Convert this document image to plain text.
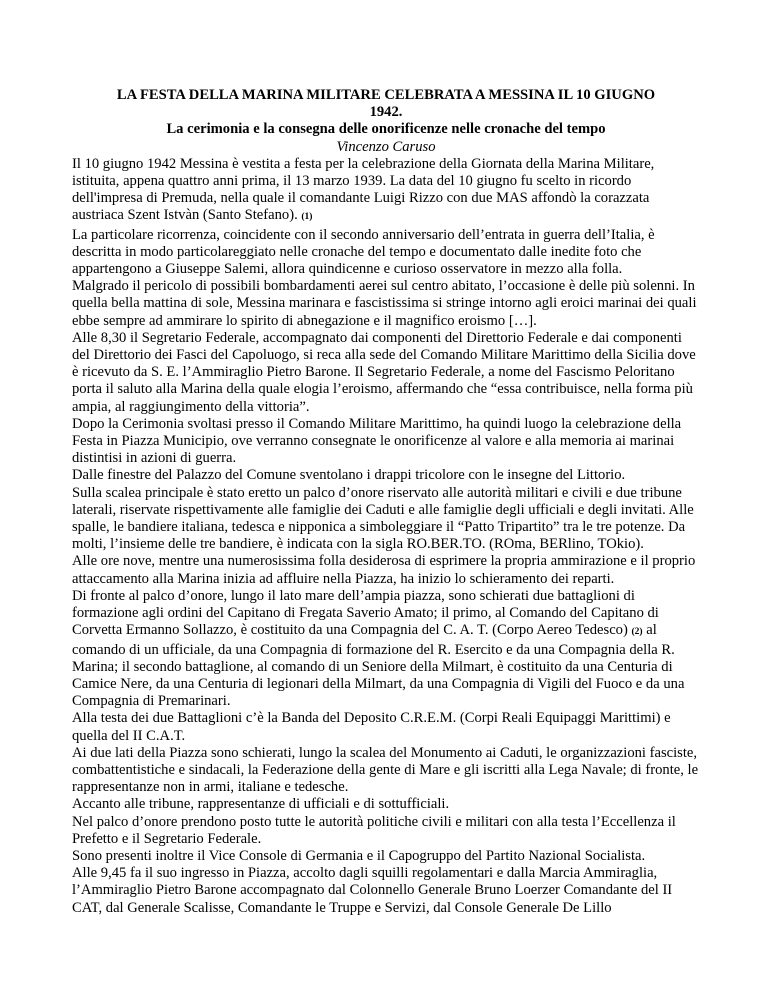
LA FESTA DELLA MARINA MILITARE CELEBRATA A MESSINA IL 10 GIUGNO
1942.
La cerimonia e la consegna delle onorificenze nelle cronache del tempo

Vincenzo Caruso

Il 10 giugno 1942 Messina è vestita a festa per la celebrazione della Giornata della Marina Militare, istituita, appena quattro anni prima, il 13 marzo 1939. La data del 10 giugno fu scelto in ricordo dell'impresa di Premuda, nella quale il comandante Luigi Rizzo con due MAS affondò la corazzata austriaca Szent Istvàn (Santo Stefano). (1)

La particolare ricorrenza, coincidente con il secondo anniversario dell’entrata in guerra dell’Italia, è descritta in modo particolareggiato nelle cronache del tempo e documentato dalle inedite foto che appartengono a Giuseppe Salemi, allora quindicenne e curioso osservatore in mezzo alla folla.

Malgrado il pericolo di possibili bombardamenti aerei sul centro abitato, l’occasione è delle più solenni. In quella bella mattina di sole, Messina marinara e fascistissima si stringe intorno agli eroici marinai dei quali ebbe sempre ad ammirare lo spirito di abnegazione e il magnifico eroismo […].

Alle 8,30 il Segretario Federale, accompagnato dai componenti del Direttorio Federale e dai componenti del Direttorio dei Fasci del Capoluogo, si reca alla sede del Comando Militare Marittimo della Sicilia dove è ricevuto da S. E. l’Ammiraglio Pietro Barone. Il Segretario Federale, a nome del Fascismo Peloritano porta il saluto alla Marina della quale elogia l’eroismo, affermando che “essa contribuisce, nella forma più ampia, al raggiungimento della vittoria”.

Dopo la Cerimonia svoltasi presso il Comando Militare Marittimo, ha quindi luogo la celebrazione della Festa in Piazza Municipio, ove verranno consegnate le onorificenze al valore e alla memoria ai marinai distintisi in azioni di guerra.

Dalle finestre del Palazzo del Comune sventolano i drappi tricolore con le insegne del Littorio.

Sulla scalea principale è stato eretto un palco d’onore riservato alle autorità militari e civili e due tribune laterali, riservate rispettivamente alle famiglie dei Caduti e alle famiglie degli ufficiali e degli invitati. Alle spalle, le bandiere italiana, tedesca e nipponica a simboleggiare il “Patto Tripartito” tra le tre potenze. Da molti, l’insieme delle tre bandiere, è indicata con la sigla RO.BER.TO. (ROma, BERlino, TOkio).

Alle ore nove, mentre una numerosissima folla desiderosa di esprimere la propria ammirazione e il proprio attaccamento alla Marina inizia ad affluire nella Piazza, ha inizio lo schieramento dei reparti.

Di fronte al palco d’onore, lungo il lato mare dell’ampia piazza, sono schierati due battaglioni di formazione agli ordini del Capitano di Fregata Saverio Amato; il primo, al Comando del Capitano di Corvetta Ermanno Sollazzo, è costituito da una Compagnia del C. A. T. (Corpo Aereo Tedesco) (2) al comando di un ufficiale, da una Compagnia di formazione del R. Esercito e da una Compagnia della R. Marina; il secondo battaglione, al comando di un Seniore della Milmart, è costituito da una Centuria di Camice Nere, da una Centuria di legionari della Milmart, da una Compagnia di Vigili del Fuoco e da una Compagnia di Premarinari.

Alla testa dei due Battaglioni c’è la Banda del Deposito C.R.E.M. (Corpi Reali Equipaggi Marittimi) e quella del II C.A.T.

Ai due lati della Piazza sono schierati, lungo la scalea del Monumento ai Caduti, le organizzazioni fasciste, combattentistiche e sindacali, la Federazione della gente di Mare e gli iscritti alla Lega Navale; di fronte, le rappresentanze non in armi, italiane e tedesche.

Accanto alle tribune, rappresentanze di ufficiali e di sottufficiali.

Nel palco d’onore prendono posto tutte le autorità politiche civili e militari con alla testa l’Eccellenza il Prefetto e il Segretario Federale.

Sono presenti inoltre il Vice Console di Germania e il Capogruppo del Partito Nazional Socialista.

Alle 9,45 fa il suo ingresso in Piazza, accolto dagli squilli regolamentari e dalla Marcia Ammiraglia, l’Ammiraglio Pietro Barone accompagnato dal Colonnello Generale Bruno Loerzer Comandante del II CAT, dal Generale Scalisse, Comandante le Truppe e Servizi, dal Console Generale De Lillo
